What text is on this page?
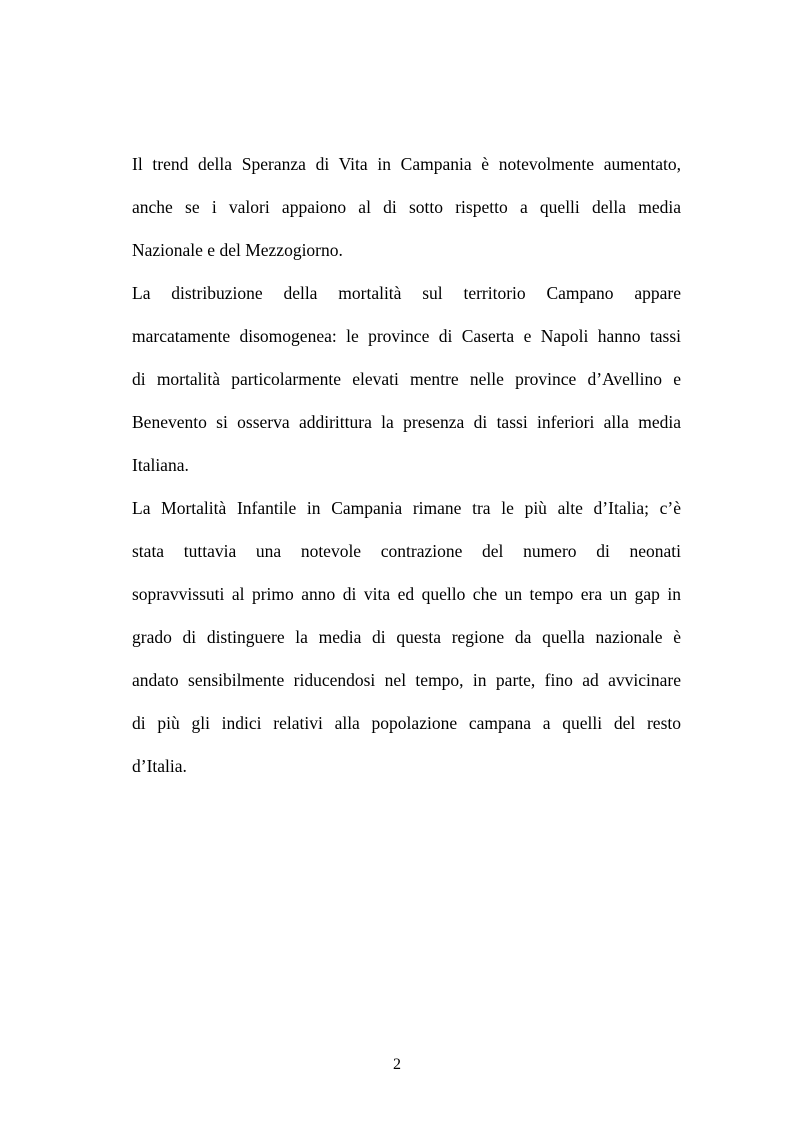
Il trend della Speranza di Vita in Campania è notevolmente aumentato,
anche se i valori appaiono al di sotto rispetto a quelli della media
Nazionale e del Mezzogiorno.
La distribuzione della mortalità sul territorio Campano appare
marcatamente disomogenea: le province di Caserta e Napoli hanno tassi
di mortalità particolarmente elevati mentre nelle province d’Avellino e
Benevento si osserva addirittura la presenza di tassi inferiori alla media
Italiana.
La Mortalità Infantile in Campania rimane tra le più alte d’Italia; c’è
stata tuttavia una notevole contrazione del numero di neonati
sopravvissuti al primo anno di vita ed quello che un tempo era un gap in
grado di distinguere la media di questa regione da quella nazionale è
andato sensibilmente riducendosi nel tempo, in parte, fino ad avvicinare
di più gli indici relativi alla popolazione campana a quelli del resto
d’Italia.
2
